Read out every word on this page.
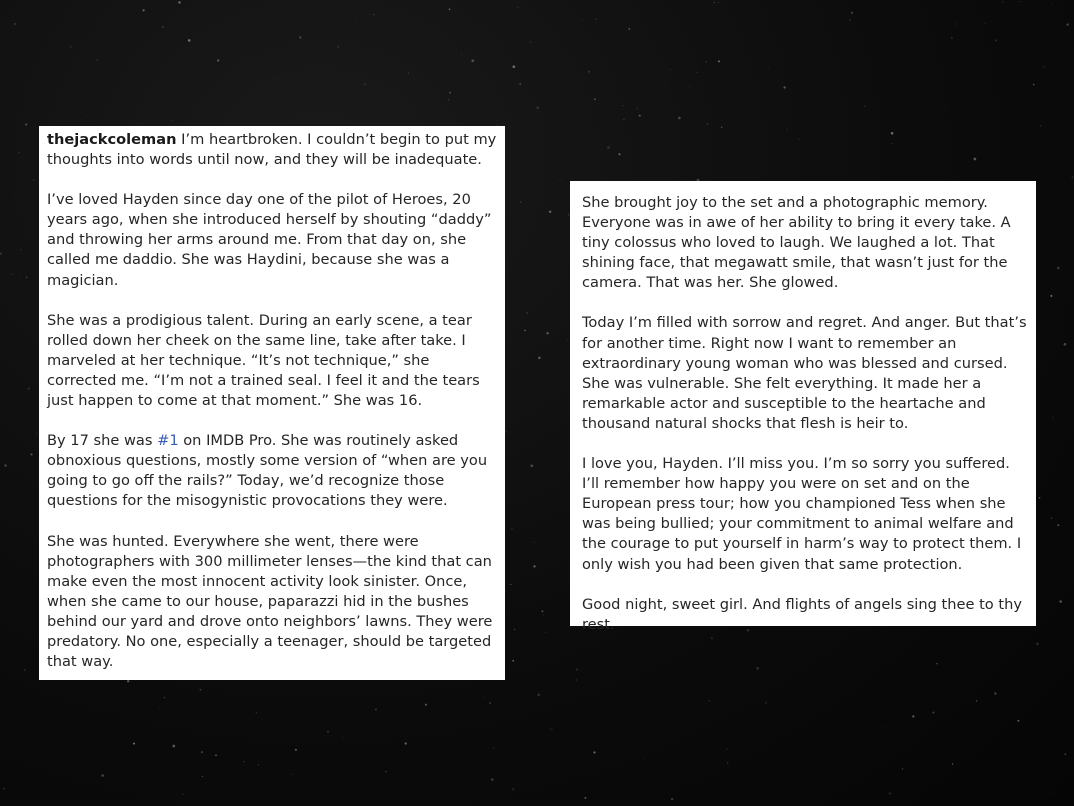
thejackcoleman I’m heartbroken. I couldn’t begin to put my thoughts into words until now, and they will be inadequate.

I’ve loved Hayden since day one of the pilot of Heroes, 20 years ago, when she introduced herself by shouting “daddy” and throwing her arms around me. From that day on, she called me daddio. She was Haydini, because she was a magician.

She was a prodigious talent. During an early scene, a tear rolled down her cheek on the same line, take after take. I marveled at her technique. “It’s not technique,” she corrected me. “I’m not a trained seal. I feel it and the tears just happen to come at that moment.” She was 16.

By 17 she was #1 on IMDB Pro. She was routinely asked obnoxious questions, mostly some version of “when are you going to go off the rails?” Today, we’d recognize those questions for the misogynistic provocations they were.

She was hunted. Everywhere she went, there were photographers with 300 millimeter lenses—the kind that can make even the most innocent activity look sinister. Once, when she came to our house, paparazzi hid in the bushes behind our yard and drove onto neighbors’ lawns. They were predatory. No one, especially a teenager, should be targeted that way.

She brought joy to the set and a photographic memory. Everyone was in awe of her ability to bring it every take. A tiny colossus who loved to laugh. We laughed a lot. That shining face, that megawatt smile, that wasn’t just for the camera. That was her. She glowed.

Today I’m filled with sorrow and regret. And anger. But that’s for another time. Right now I want to remember an extraordinary young woman who was blessed and cursed. She was vulnerable. She felt everything. It made her a remarkable actor and susceptible to the heartache and thousand natural shocks that flesh is heir to.

I love you, Hayden. I’ll miss you. I’m so sorry you suffered. I’ll remember how happy you were on set and on the European press tour; how you championed Tess when she was being bullied; your commitment to animal welfare and the courage to put yourself in harm’s way to protect them. I only wish you had been given that same protection.

Good night, sweet girl. And flights of angels sing thee to thy rest.
